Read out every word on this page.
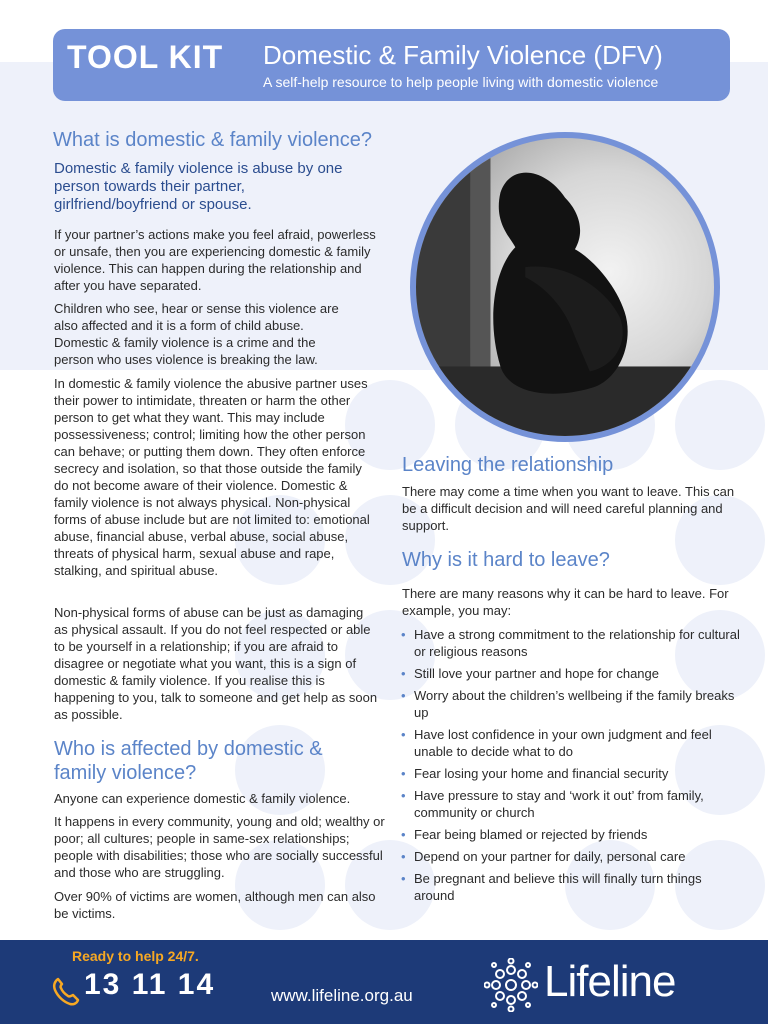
TOOL KIT Domestic & Family Violence (DFV)
A self-help resource to help people living with domestic violence
What is domestic & family violence?
Domestic & family violence is abuse by one person towards their partner, girlfriend/boyfriend or spouse.
If your partner’s actions make you feel afraid, powerless or unsafe, then you are experiencing domestic & family violence. This can happen during the relationship and after you have separated.
Children who see, hear or sense this violence are also affected and it is a form of child abuse. Domestic & family violence is a crime and the person who uses violence is breaking the law.
In domestic & family violence the abusive partner uses their power to intimidate, threaten or harm the other person to get what they want. This may include possessiveness; control; limiting how the other person can behave; or putting them down. They often enforce secrecy and isolation, so that those outside the family do not become aware of their violence. Domestic & family violence is not always physical. Non-physical forms of abuse include but are not limited to: emotional abuse, financial abuse, verbal abuse, social abuse, threats of physical harm, sexual abuse and rape, stalking, and spiritual abuse.
Non-physical forms of abuse can be just as damaging as physical assault. If you do not feel respected or able to be yourself in a relationship; if you are afraid to disagree or negotiate what you want, this is a sign of domestic & family violence. If you realise this is happening to you, talk to someone and get help as soon as possible.
Who is affected by domestic & family violence?
Anyone can experience domestic & family violence.
It happens in every community, young and old; wealthy or poor; all cultures; people in same-sex relationships; people with disabilities; those who are socially successful and those who are struggling.
Over 90% of victims are women, although men can also be victims.
Leaving the relationship
There may come a time when you want to leave. This can be a difficult decision and will need careful planning and support.
Why is it hard to leave?
There are many reasons why it can be hard to leave. For example, you may:
• Have a strong commitment to the relationship for cultural or religious reasons
• Still love your partner and hope for change
• Worry about the children’s wellbeing if the family breaks up
• Have lost confidence in your own judgment and feel unable to decide what to do
• Fear losing your home and financial security
• Have pressure to stay and ‘work it out’ from family, community or church
• Fear being blamed or rejected by friends
• Depend on your partner for daily, personal care
• Be pregnant and believe this will finally turn things around
Ready to help 24/7.
13 11 14	www.lifeline.org.au	Lifeline
